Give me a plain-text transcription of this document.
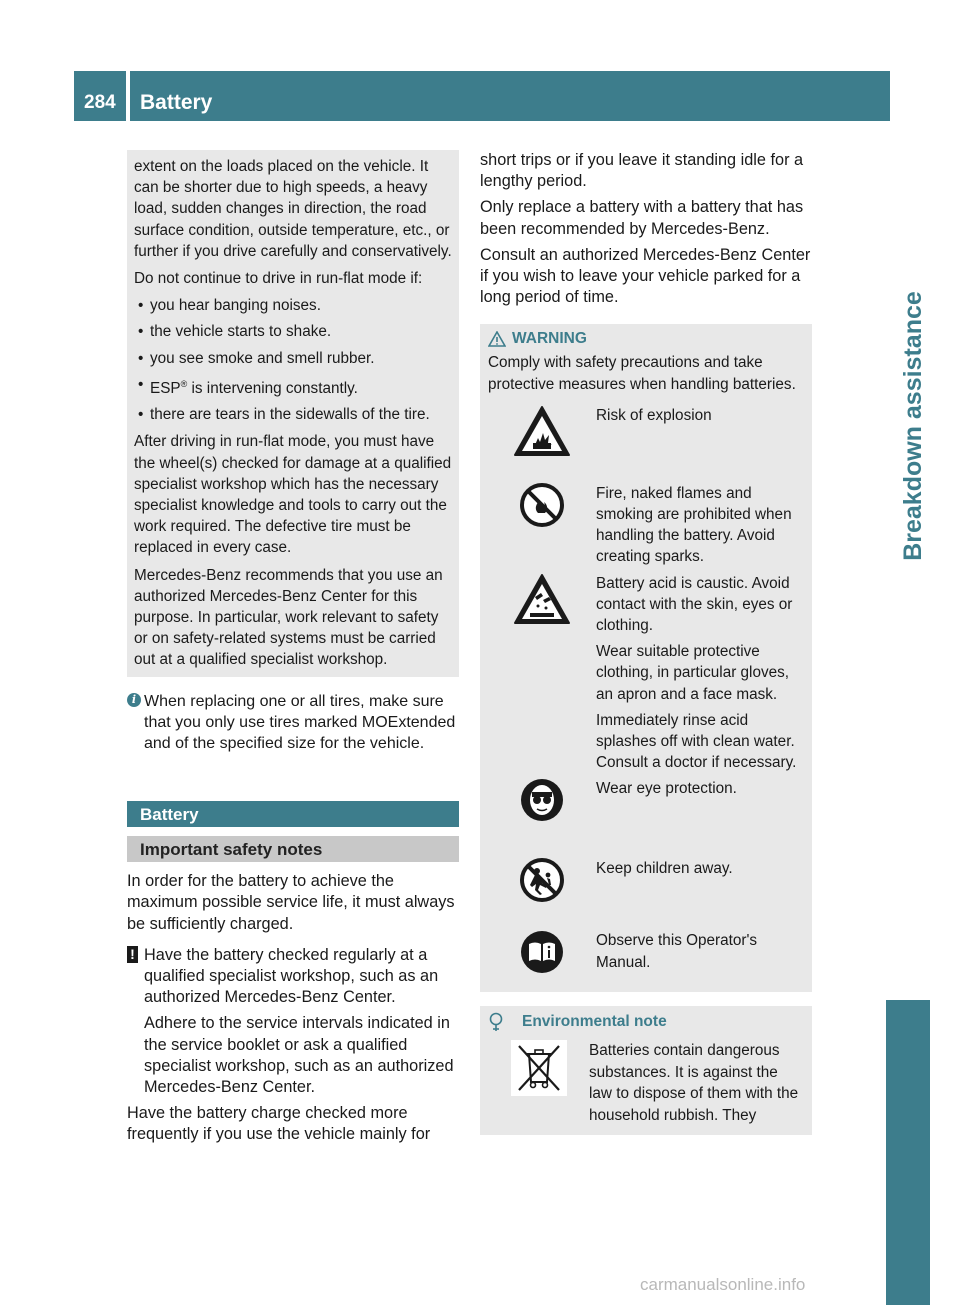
284 Battery
Breakdown assistance

extent on the loads placed on the vehicle. It can be shorter due to high speeds, a heavy load, sudden changes in direction, the road surface condition, outside temperature, etc., or further if you drive carefully and conservatively.

Do not continue to drive in run-flat mode if:

• you hear banging noises.
• the vehicle starts to shake.
• you see smoke and smell rubber.
• ESP® is intervening constantly.
• there are tears in the sidewalls of the tire.

After driving in run-flat mode, you must have the wheel(s) checked for damage at a qualified specialist workshop which has the necessary specialist knowledge and tools to carry out the work required. The defective tire must be replaced in every case.

Mercedes-Benz recommends that you use an authorized Mercedes-Benz Center for this purpose. In particular, work relevant to safety or on safety-related systems must be carried out at a qualified specialist workshop.

i When replacing one or all tires, make sure that you only use tires marked MOExtended and of the specified size for the vehicle.

Battery
Important safety notes

In order for the battery to achieve the maximum possible service life, it must always be sufficiently charged.

! Have the battery checked regularly at a qualified specialist workshop, such as an authorized Mercedes-Benz Center.

Adhere to the service intervals indicated in the service booklet or ask a qualified specialist workshop, such as an authorized Mercedes-Benz Center.

Have the battery charge checked more frequently if you use the vehicle mainly for

short trips or if you leave it standing idle for a lengthy period.

Only replace a battery with a battery that has been recommended by Mercedes-Benz.

Consult an authorized Mercedes-Benz Center if you wish to leave your vehicle parked for a long period of time.

WARNING

Comply with safety precautions and take protective measures when handling batteries.

Risk of explosion

Fire, naked flames and smoking are prohibited when handling the battery. Avoid creating sparks.

Battery acid is caustic. Avoid contact with the skin, eyes or clothing.

Wear suitable protective clothing, in particular gloves, an apron and a face mask.

Immediately rinse acid splashes off with clean water. Consult a doctor if necessary.

Wear eye protection.

Keep children away.

Observe this Operator's Manual.

Environmental note

Batteries contain dangerous substances. It is against the law to dispose of them with the household rubbish. They

carmanualsonline.info
